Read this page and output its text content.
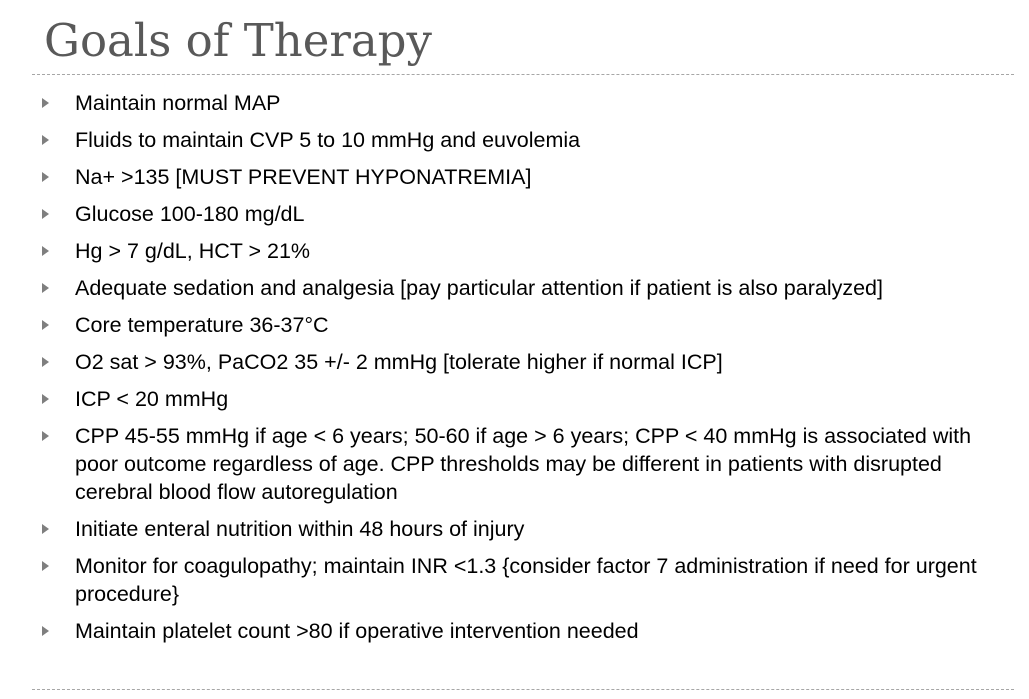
Goals of Therapy
Maintain normal MAP
Fluids to maintain CVP 5 to 10 mmHg and euvolemia
Na+ >135 [MUST PREVENT HYPONATREMIA]
Glucose 100-180 mg/dL
Hg > 7 g/dL, HCT > 21%
Adequate sedation and analgesia [pay particular attention if patient is also paralyzed]
Core temperature 36-37°C
O2 sat > 93%, PaCO2 35 +/- 2 mmHg [tolerate higher if normal ICP]
ICP < 20 mmHg
CPP 45-55 mmHg if age < 6 years; 50-60 if age > 6 years; CPP < 40 mmHg is associated with poor outcome regardless of age. CPP thresholds may be different in patients with disrupted cerebral blood flow autoregulation
Initiate enteral nutrition within 48 hours of injury
Monitor for coagulopathy; maintain INR <1.3 {consider factor 7 administration if need for urgent procedure}
Maintain platelet count >80 if operative intervention needed
